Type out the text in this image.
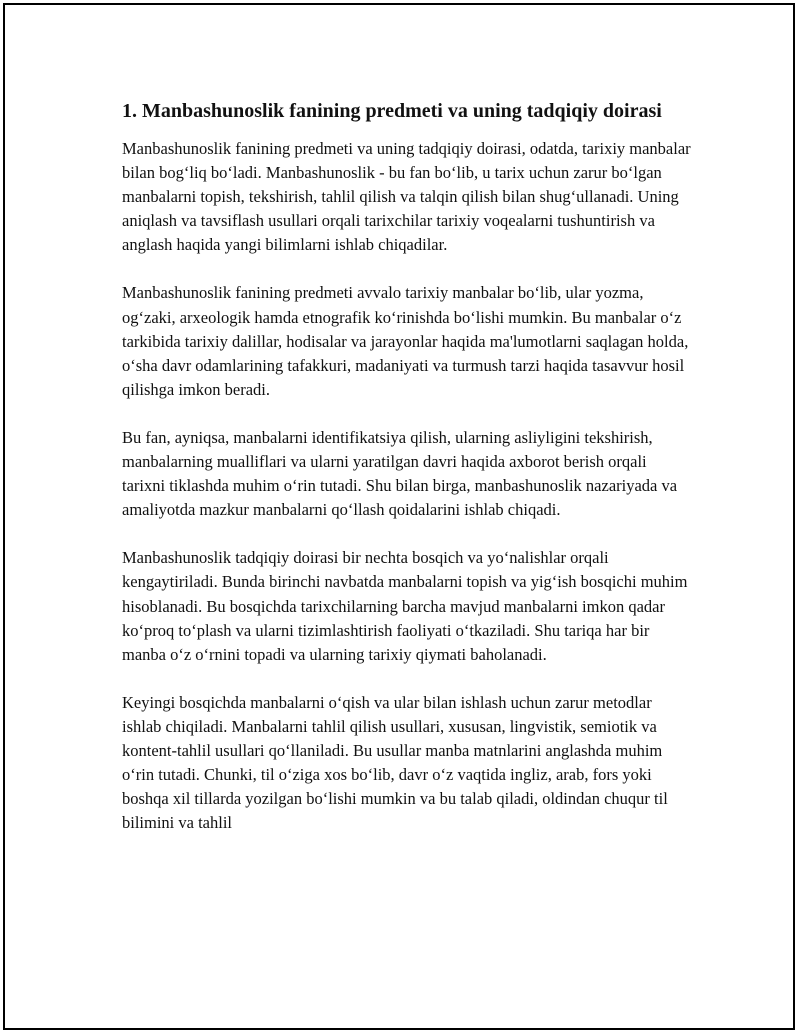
1. Manbashunoslik fanining predmeti va uning tadqiqiy doirasi

Manbashunoslik fanining predmeti va uning tadqiqiy doirasi, odatda, tarixiy manbalar bilan bog‘liq bo‘ladi. Manbashunoslik - bu fan bo‘lib, u tarix uchun zarur bo‘lgan manbalarni topish, tekshirish, tahlil qilish va talqin qilish bilan shug‘ullanadi. Uning aniqlash va tavsiflash usullari orqali tarixchilar tarixiy voqealarni tushuntirish va anglash haqida yangi bilimlarni ishlab chiqadilar.

Manbashunoslik fanining predmeti avvalo tarixiy manbalar bo‘lib, ular yozma, og‘zaki, arxeologik hamda etnografik ko‘rinishda bo‘lishi mumkin. Bu manbalar o‘z tarkibida tarixiy dalillar, hodisalar va jarayonlar haqida ma'lumotlarni saqlagan holda, o‘sha davr odamlarining tafakkuri, madaniyati va turmush tarzi haqida tasavvur hosil qilishga imkon beradi.

Bu fan, ayniqsa, manbalarni identifikatsiya qilish, ularning asliyligini tekshirish, manbalarning mualliflari va ularni yaratilgan davri haqida axborot berish orqali tarixni tiklashda muhim o‘rin tutadi. Shu bilan birga, manbashunoslik nazariyada va amaliyotda mazkur manbalarni qo‘llash qoidalarini ishlab chiqadi.

Manbashunoslik tadqiqiy doirasi bir nechta bosqich va yo‘nalishlar orqali kengaytiriladi. Bunda birinchi navbatda manbalarni topish va yig‘ish bosqichi muhim hisoblanadi. Bu bosqichda tarixchilarning barcha mavjud manbalarni imkon qadar ko‘proq to‘plash va ularni tizimlashtirish faoliyati o‘tkaziladi. Shu tariqa har bir manba o‘z o‘rnini topadi va ularning tarixiy qiymati baholanadi.

Keyingi bosqichda manbalarni o‘qish va ular bilan ishlash uchun zarur metodlar ishlab chiqiladi. Manbalarni tahlil qilish usullari, xususan, lingvistik, semiotik va kontent-tahlil usullari qo‘llaniladi. Bu usullar manba matnlarini anglashda muhim o‘rin tutadi. Chunki, til o‘ziga xos bo‘lib, davr o‘z vaqtida ingliz, arab, fors yoki boshqa xil tillarda yozilgan bo‘lishi mumkin va bu talab qiladi, oldindan chuqur til bilimini va tahlil
